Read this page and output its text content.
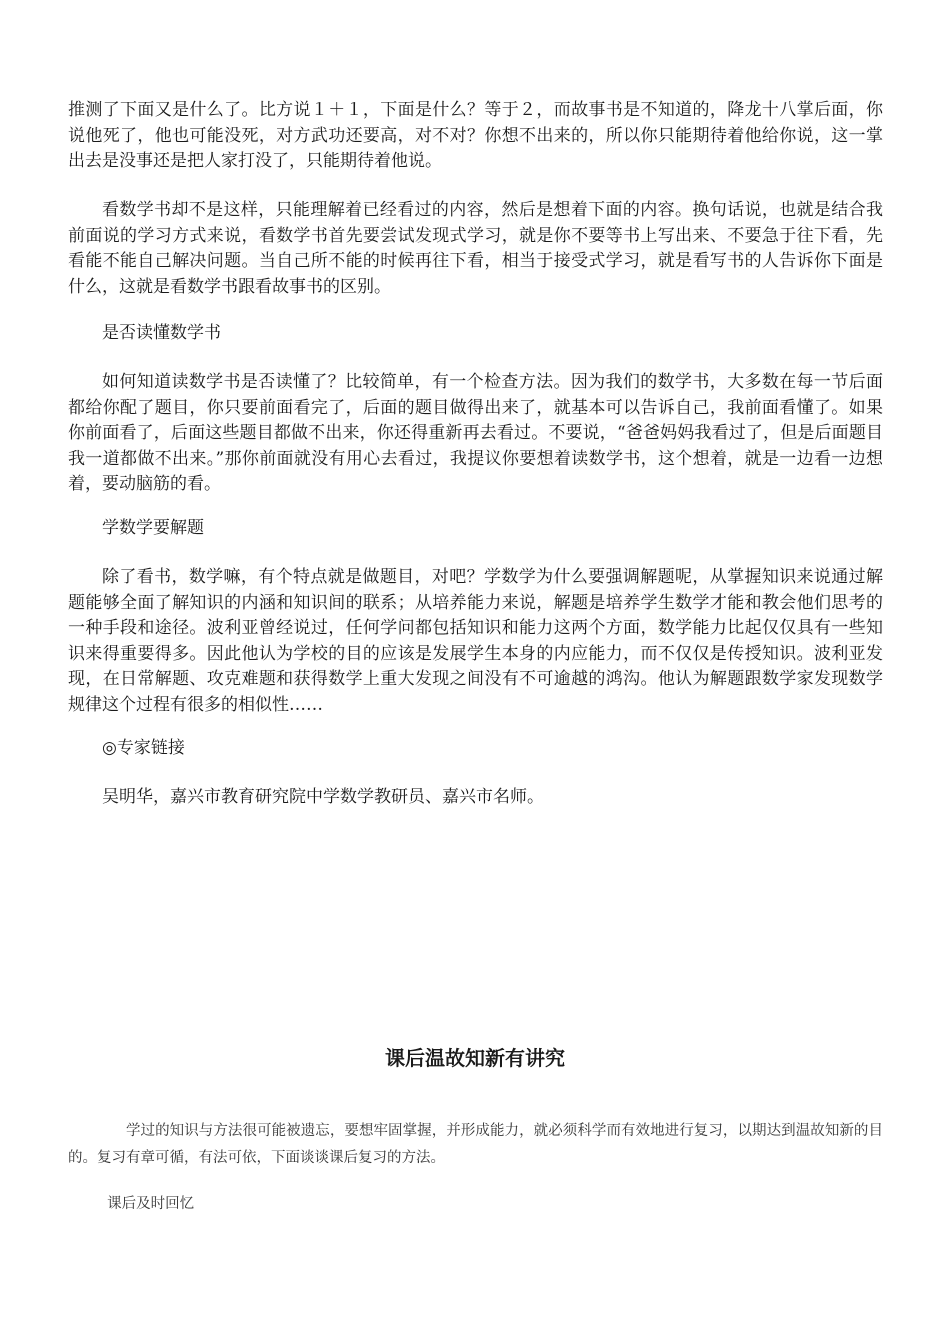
推测了下面又是什么了。比方说１＋１，下面是什么？等于２，而故事书是不知道的，降龙十八掌后面，你说他死了，他也可能没死，对方武功还要高，对不对？你想不出来的，所以你只能期待着他给你说，这一掌出去是没事还是把人家打没了，只能期待着他说。

看数学书却不是这样，只能理解着已经看过的内容，然后是想着下面的内容。换句话说，也就是结合我前面说的学习方式来说，看数学书首先要尝试发现式学习，就是你不要等书上写出来、不要急于往下看，先看能不能自己解决问题。当自己所不能的时候再往下看，相当于接受式学习，就是看写书的人告诉你下面是什么，这就是看数学书跟看故事书的区别。

是否读懂数学书

如何知道读数学书是否读懂了？比较简单，有一个检查方法。因为我们的数学书，大多数在每一节后面都给你配了题目，你只要前面看完了，后面的题目做得出来了，就基本可以告诉自己，我前面看懂了。如果你前面看了，后面这些题目都做不出来，你还得重新再去看过。不要说，“爸爸妈妈我看过了，但是后面题目我一道都做不出来。”那你前面就没有用心去看过，我提议你要想着读数学书，这个想着，就是一边看一边想着，要动脑筋的看。

学数学要解题

除了看书，数学嘛，有个特点就是做题目，对吧？学数学为什么要强调解题呢，从掌握知识来说通过解题能够全面了解知识的内涵和知识间的联系；从培养能力来说，解题是培养学生数学才能和教会他们思考的一种手段和途径。波利亚曾经说过，任何学问都包括知识和能力这两个方面，数学能力比起仅仅具有一些知识来得重要得多。因此他认为学校的目的应该是发展学生本身的内应能力，而不仅仅是传授知识。波利亚发现，在日常解题、攻克难题和获得数学上重大发现之间没有不可逾越的鸿沟。他认为解题跟数学家发现数学规律这个过程有很多的相似性……

◎专家链接

吴明华，嘉兴市教育研究院中学数学教研员、嘉兴市名师。

课后温故知新有讲究

学过的知识与方法很可能被遗忘，要想牢固掌握，并形成能力，就必须科学而有效地进行复习，以期达到温故知新的目的。复习有章可循，有法可依，下面谈谈课后复习的方法。

课后及时回忆
